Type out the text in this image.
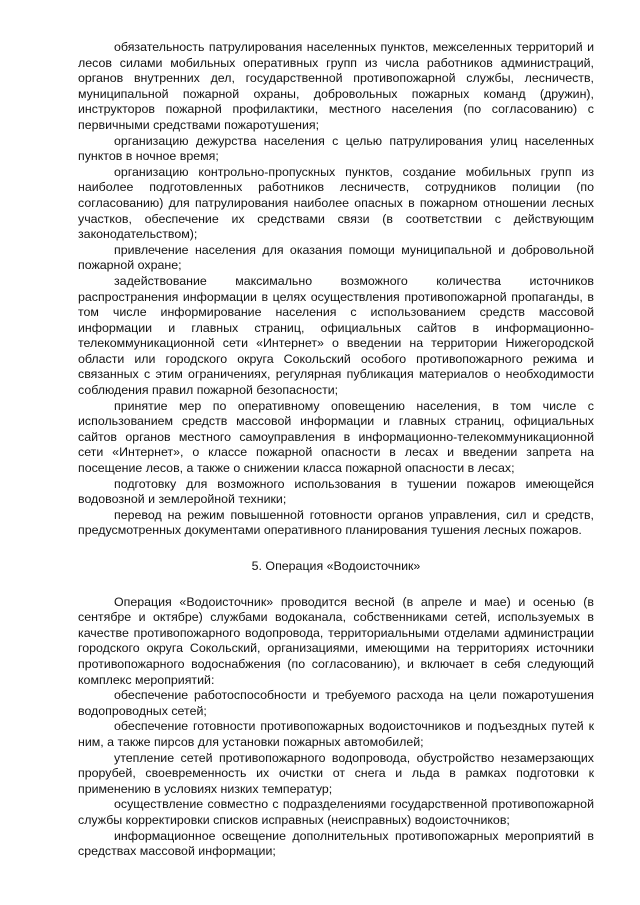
обязательность патрулирования населенных пунктов, межселенных территорий и лесов силами мобильных оперативных групп из числа работников администраций, органов внутренних дел, государственной противопожарной службы, лесничеств, муниципальной пожарной охраны, добровольных пожарных команд (дружин), инструкторов пожарной профилактики, местного населения (по согласованию) с первичными средствами пожаротушения;

организацию дежурства населения с целью патрулирования улиц населенных пунктов в ночное время;

организацию контрольно-пропускных пунктов, создание мобильных групп из наиболее подготовленных работников лесничеств, сотрудников полиции (по согласованию) для патрулирования наиболее опасных в пожарном отношении лесных участков, обеспечение их средствами связи (в соответствии с действующим законодательством);

привлечение населения для оказания помощи муниципальной и добровольной пожарной охране;

задействование максимально возможного количества источников распространения информации в целях осуществления противопожарной пропаганды, в том числе информирование населения с использованием средств массовой информации и главных страниц, официальных сайтов в информационно-телекоммуникационной сети «Интернет» о введении на территории Нижегородской области или городского округа Сокольский особого противопожарного режима и связанных с этим ограничениях, регулярная публикация материалов о необходимости соблюдения правил пожарной безопасности;

принятие мер по оперативному оповещению населения, в том числе с использованием средств массовой информации и главных страниц, официальных сайтов органов местного самоуправления в информационно-телекоммуникационной сети «Интернет», о классе пожарной опасности в лесах и введении запрета на посещение лесов, а также о снижении класса пожарной опасности в лесах;

подготовку для возможного использования в тушении пожаров имеющейся водовозной и землеройной техники;

перевод на режим повышенной готовности органов управления, сил и средств, предусмотренных документами оперативного планирования тушения лесных пожаров.

5. Операция «Водоисточник»

Операция «Водоисточник» проводится весной (в апреле и мае) и осенью (в сентябре и октябре) службами водоканала, собственниками сетей, используемых в качестве противопожарного водопровода, территориальными отделами администрации городского округа Сокольский, организациями, имеющими на территориях источники противопожарного водоснабжения (по согласованию), и включает в себя следующий комплекс мероприятий:

обеспечение работоспособности и требуемого расхода на цели пожаротушения водопроводных сетей;

обеспечение готовности противопожарных водоисточников и подъездных путей к ним, а также пирсов для установки пожарных автомобилей;

утепление сетей противопожарного водопровода, обустройство незамерзающих прорубей, своевременность их очистки от снега и льда в рамках подготовки к применению в условиях низких температур;

осуществление совместно с подразделениями государственной противопожарной службы корректировки списков исправных (неисправных) водоисточников;

информационное освещение дополнительных противопожарных мероприятий в средствах массовой информации;
